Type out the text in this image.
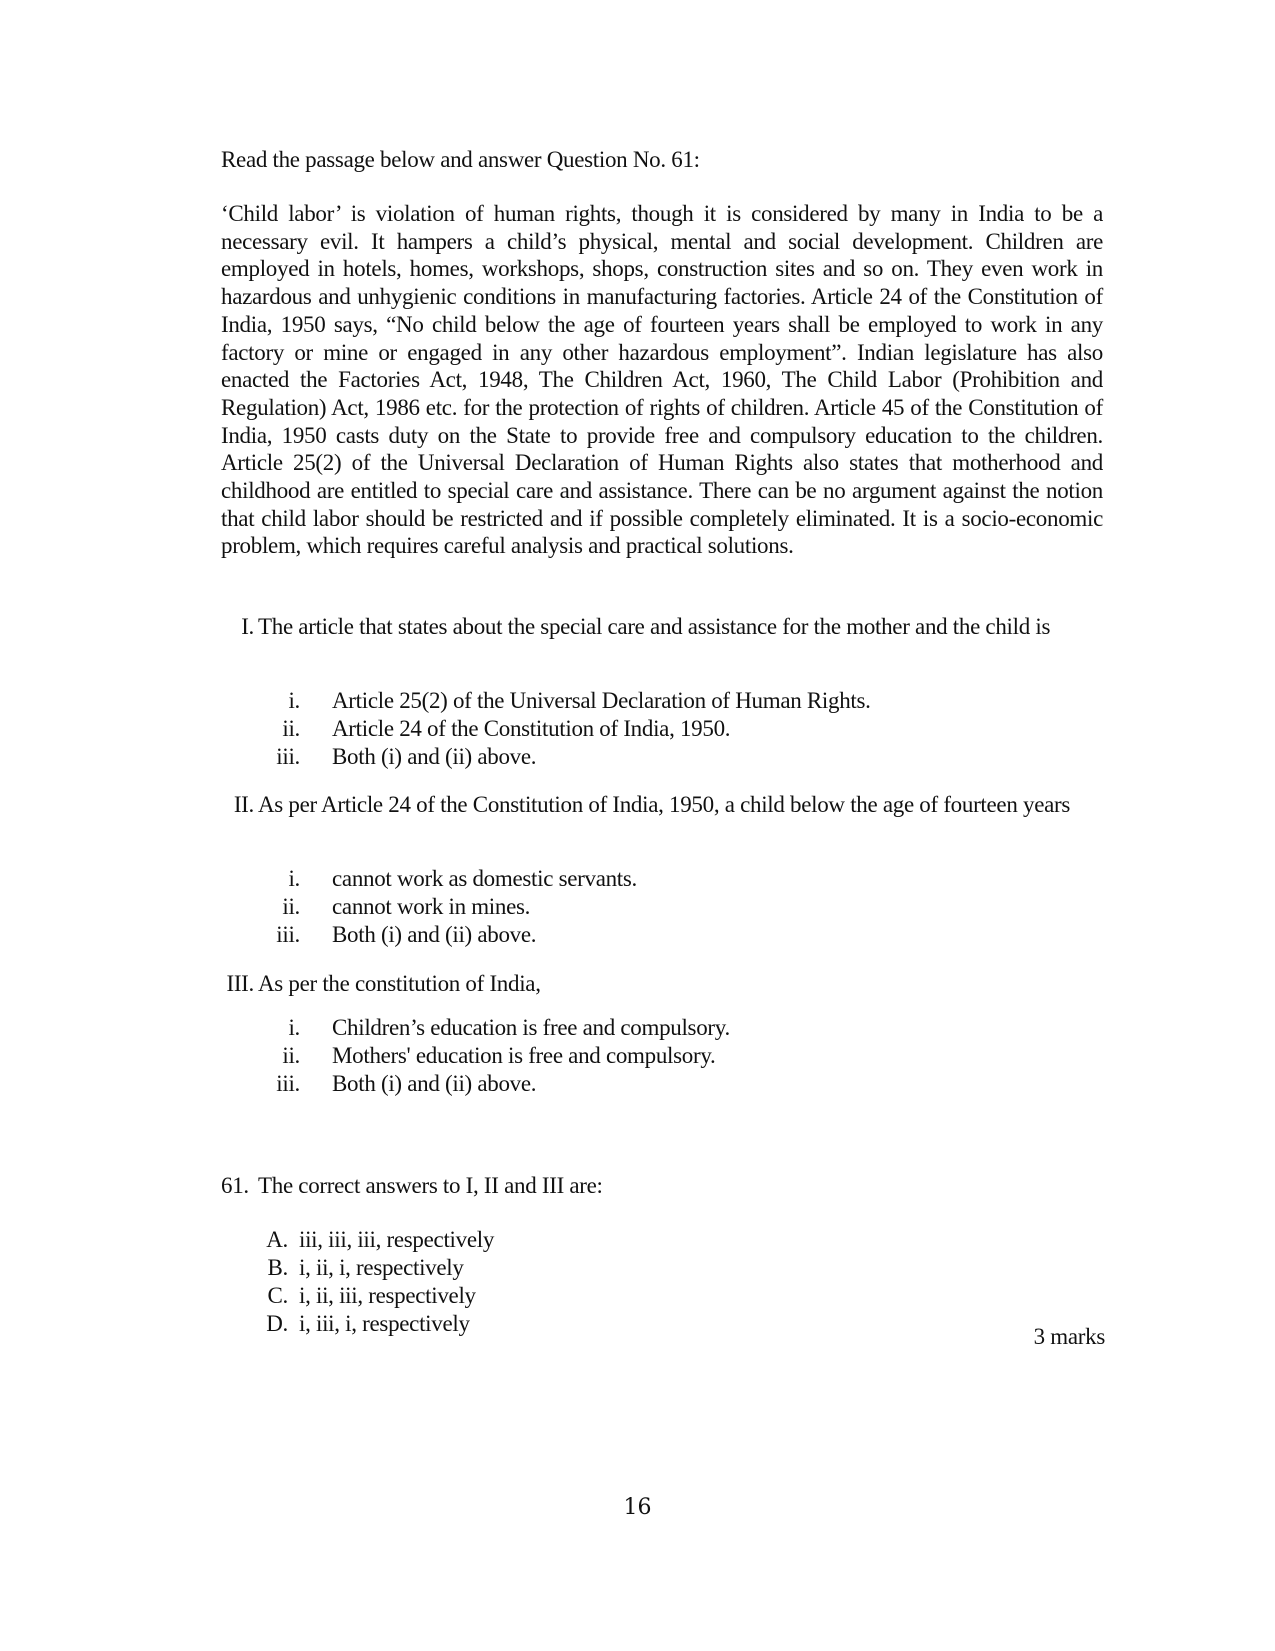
Read the passage below and answer Question No. 61:

‘Child labor’ is violation of human rights, though it is considered by many in India to be a necessary evil. It hampers a child’s physical, mental and social development. Children are employed in hotels, homes, workshops, shops, construction sites and so on. They even work in hazardous and unhygienic conditions in manufacturing factories. Article 24 of the Constitution of India, 1950 says, “No child below the age of fourteen years shall be employed to work in any factory or mine or engaged in any other hazardous employment”. Indian legislature has also enacted the Factories Act, 1948, The Children Act, 1960, The Child Labor (Prohibition and Regulation) Act, 1986 etc. for the protection of rights of children. Article 45 of the Constitution of India, 1950 casts duty on the State to provide free and compulsory education to the children. Article 25(2) of the Universal Declaration of Human Rights also states that motherhood and childhood are entitled to special care and assistance. There can be no argument against the notion that child labor should be restricted and if possible completely eliminated. It is a socio-economic problem, which requires careful analysis and practical solutions.

I. The article that states about the special care and assistance for the mother and the child is
i. Article 25(2) of the Universal Declaration of Human Rights.
ii. Article 24 of the Constitution of India, 1950.
iii. Both (i) and (ii) above.
II. As per Article 24 of the Constitution of India, 1950, a child below the age of fourteen years
i. cannot work as domestic servants.
ii. cannot work in mines.
iii. Both (i) and (ii) above.
III. As per the constitution of India,
i. Children’s education is free and compulsory.
ii. Mothers' education is free and compulsory.
iii. Both (i) and (ii) above.
61. The correct answers to I, II and III are:
A. iii, iii, iii, respectively
B. i, ii, i, respectively
C. i, ii, iii, respectively
D. i, iii, i, respectively
3 marks
16
